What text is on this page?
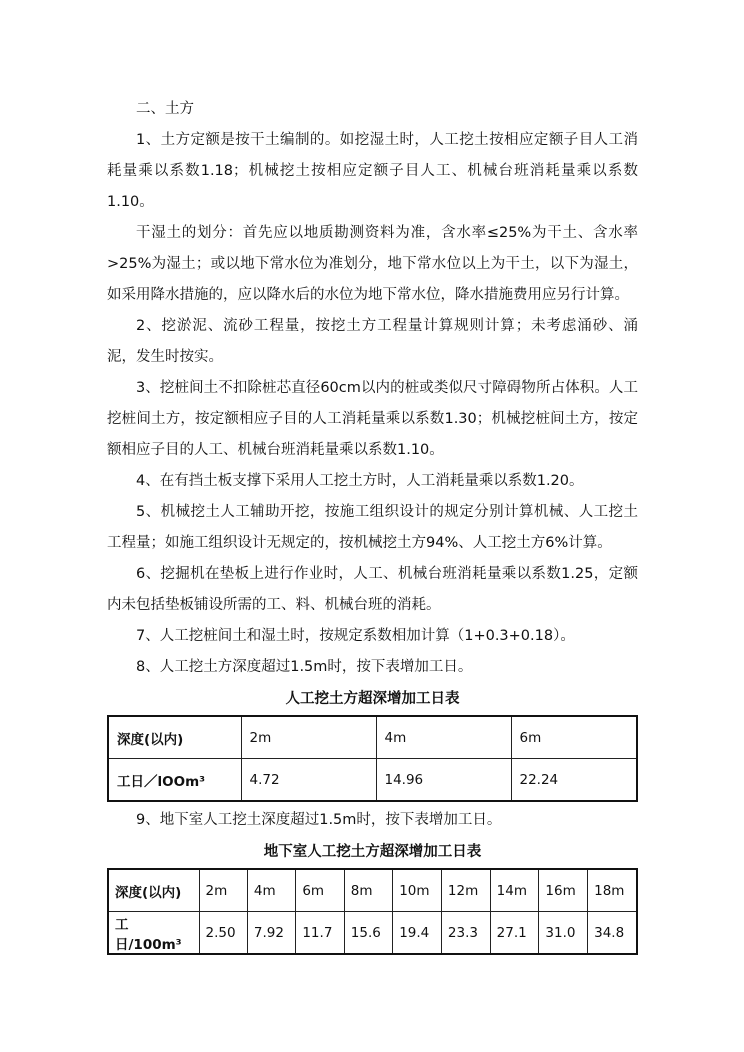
二、土方

1、土方定额是按干土编制的。如挖湿土时，人工挖土按相应定额子目人工消耗量乘以系数1.18；机械挖土按相应定额子目人工、机械台班消耗量乘以系数1.10。

干湿土的划分：首先应以地质勘测资料为准，含水率≤25%为干土、含水率>25%为湿土；或以地下常水位为准划分，地下常水位以上为干土，以下为湿土，如采用降水措施的，应以降水后的水位为地下常水位，降水措施费用应另行计算。

2、挖淤泥、流砂工程量，按挖土方工程量计算规则计算；未考虑涌砂、涌泥，发生时按实。

3、挖桩间土不扣除桩芯直径60cm以内的桩或类似尺寸障碍物所占体积。人工挖桩间土方，按定额相应子目的人工消耗量乘以系数1.30；机械挖桩间土方，按定额相应子目的人工、机械台班消耗量乘以系数1.10。

4、在有挡土板支撑下采用人工挖土方时，人工消耗量乘以系数1.20。

5、机械挖土人工辅助开挖，按施工组织设计的规定分别计算机械、人工挖土工程量；如施工组织设计无规定的，按机械挖土方94%、人工挖土方6%计算。

6、挖掘机在垫板上进行作业时，人工、机械台班消耗量乘以系数1.25，定额内未包括垫板铺设所需的工、料、机械台班的消耗。

7、人工挖桩间土和湿土时，按规定系数相加计算（1+0.3+0.18）。

8、人工挖土方深度超过1.5m时，按下表增加工日。

人工挖土方超深增加工日表
深度(以内)	2m	4m	6m
工日／lOOm³	4.72	14.96	22.24

9、地下室人工挖土深度超过1.5m时，按下表增加工日。

地下室人工挖土方超深增加工日表
深度(以内)	2m	4m	6m	8m	10m	12m	14m	16m	18m
工日/100m³	2.50	7.92	11.7	15.6	19.4	23.3	27.1	31.0	34.8
